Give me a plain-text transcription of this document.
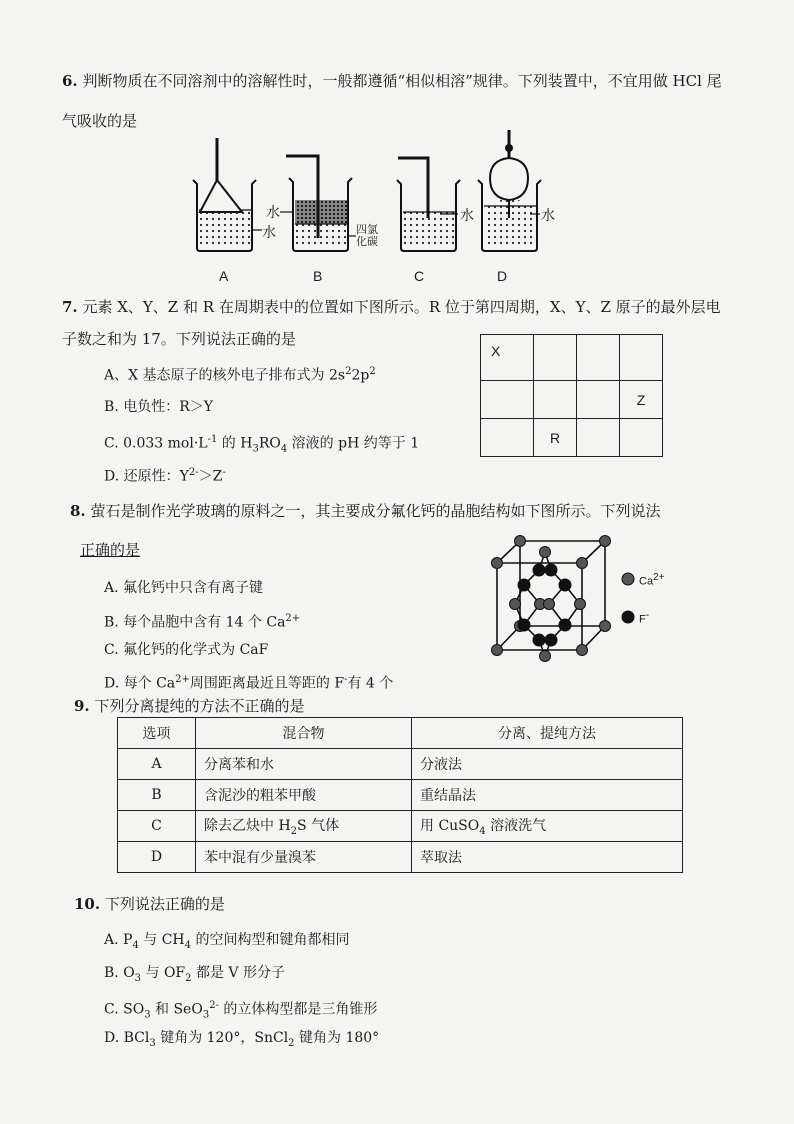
6. 判断物质在不同溶剂中的溶解性时，一般都遵循“相似相溶”规律。下列装置中，不宜用做 HCl 尾
气吸收的是
水
水
四氯
化碳
水	水
A	B	C	D
7. 元素 X、Y、Z 和 R 在周期表中的位置如下图所示。R 位于第四周期，X、Y、Z 原子的最外层电
子数之和为 17。下列说法正确的是
X			
			Z
	R		
A、X 基态原子的核外电子排布式为 $2s^22p^2$
B. 电负性：R＞Y
C. 0.033 $mol\cdot L^{-1}$ 的 $H_3RO_4$ 溶液的 pH 约等于 1
D. 还原性：$Y^{2-}>Z^-$
8. 萤石是制作光学玻璃的原料之一，其主要成分氟化钙的晶胞结构如下图所示。下列说法
正确的是
$Ca^{2+}$
F-
A. 氟化钙中只含有离子键
B. 每个晶胞中含有 14 个 $Ca^{2+}$
C. 氟化钙的化学式为 CaF
D. 每个 $Ca^{2+}$周围距离最近且等距的 F-有 4 个
9. 下列分离提纯的方法不正确的是
选项	混合物	分离、提纯方法
A	分离苯和水	分液法
B	含泥沙的粗苯甲酸	重结晶法
C	除去乙炔中 $H_2S$ 气体	用 CuSO$_4$ 溶液洗气
D	苯中混有少量溴苯	萃取法
10. 下列说法正确的是
A. $P_4$ 与 $CH_4$ 的空间构型和键角都相同
B. $O_3$ 与 $OF_2$ 都是 V 形分子
C. $SO_3$ 和 SeO$_3^{2-}$ 的立体构型都是三角锥形
D. BCl$_3$ 键角为 120°，SnCl$_2$ 键角为 180°
